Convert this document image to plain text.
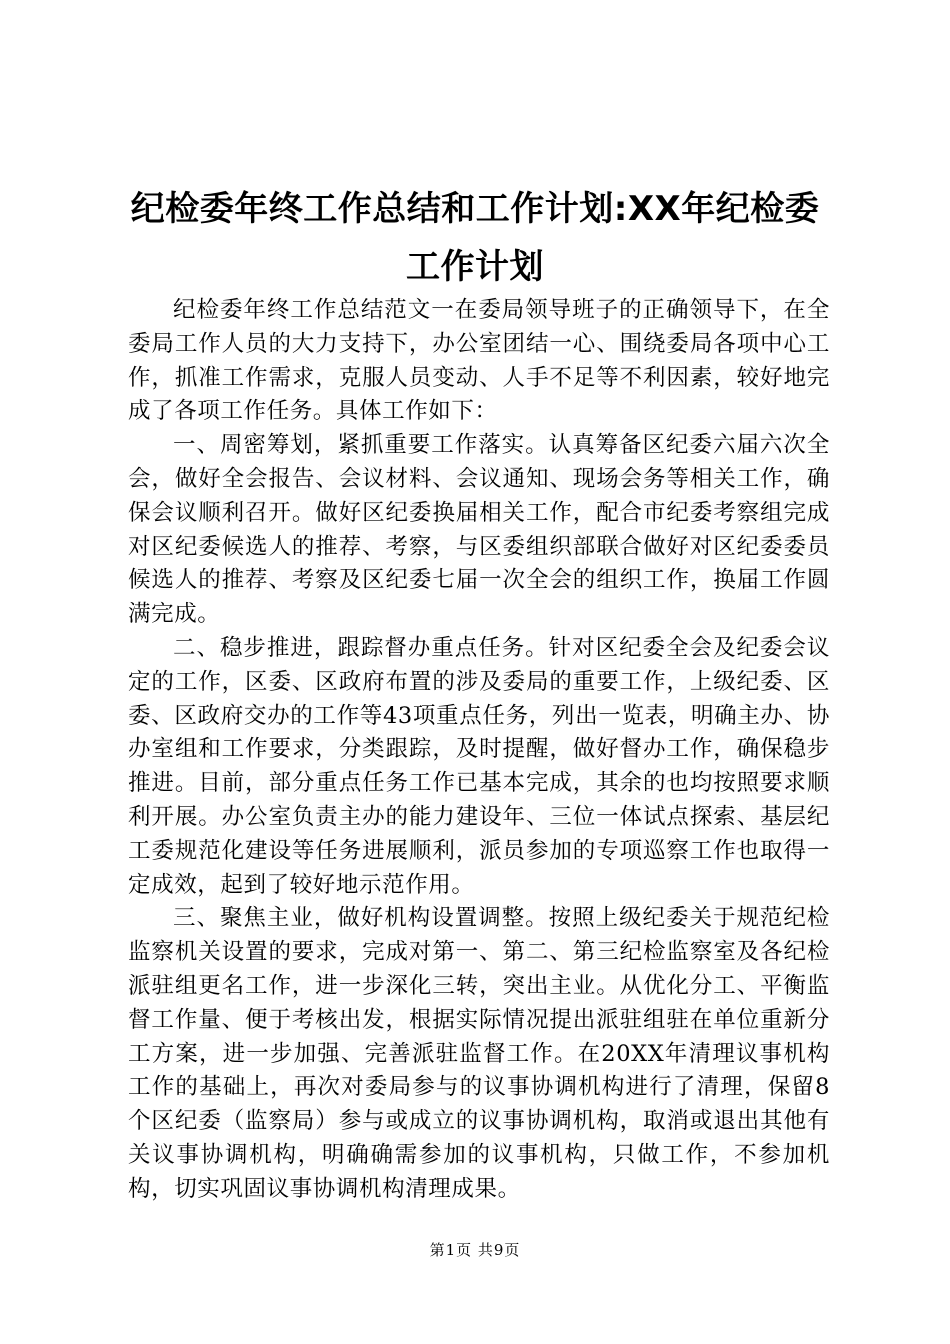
纪检委年终工作总结和工作计划:XX年纪检委工作计划

纪检委年终工作总结范文一在委局领导班子的正确领导下，在全委局工作人员的大力支持下，办公室团结一心、围绕委局各项中心工作，抓准工作需求，克服人员变动、人手不足等不利因素，较好地完成了各项工作任务。具体工作如下：

一、周密筹划，紧抓重要工作落实。认真筹备区纪委六届六次全会，做好全会报告、会议材料、会议通知、现场会务等相关工作，确保会议顺利召开。做好区纪委换届相关工作，配合市纪委考察组完成对区纪委候选人的推荐、考察，与区委组织部联合做好对区纪委委员候选人的推荐、考察及区纪委七届一次全会的组织工作，换届工作圆满完成。

二、稳步推进，跟踪督办重点任务。针对区纪委全会及纪委会议定的工作，区委、区政府布置的涉及委局的重要工作，上级纪委、区委、区政府交办的工作等43项重点任务，列出一览表，明确主办、协办室组和工作要求，分类跟踪，及时提醒，做好督办工作，确保稳步推进。目前，部分重点任务工作已基本完成，其余的也均按照要求顺利开展。办公室负责主办的能力建设年、三位一体试点探索、基层纪工委规范化建设等任务进展顺利，派员参加的专项巡察工作也取得一定成效，起到了较好地示范作用。

三、聚焦主业，做好机构设置调整。按照上级纪委关于规范纪检监察机关设置的要求，完成对第一、第二、第三纪检监察室及各纪检派驻组更名工作，进一步深化三转，突出主业。从优化分工、平衡监督工作量、便于考核出发，根据实际情况提出派驻组驻在单位重新分工方案，进一步加强、完善派驻监督工作。在20XX年清理议事机构工作的基础上，再次对委局参与的议事协调机构进行了清理，保留8个区纪委（监察局）参与或成立的议事协调机构，取消或退出其他有关议事协调机构，明确确需参加的议事机构，只做工作，不参加机构，切实巩固议事协调机构清理成果。

第1页 共9页
